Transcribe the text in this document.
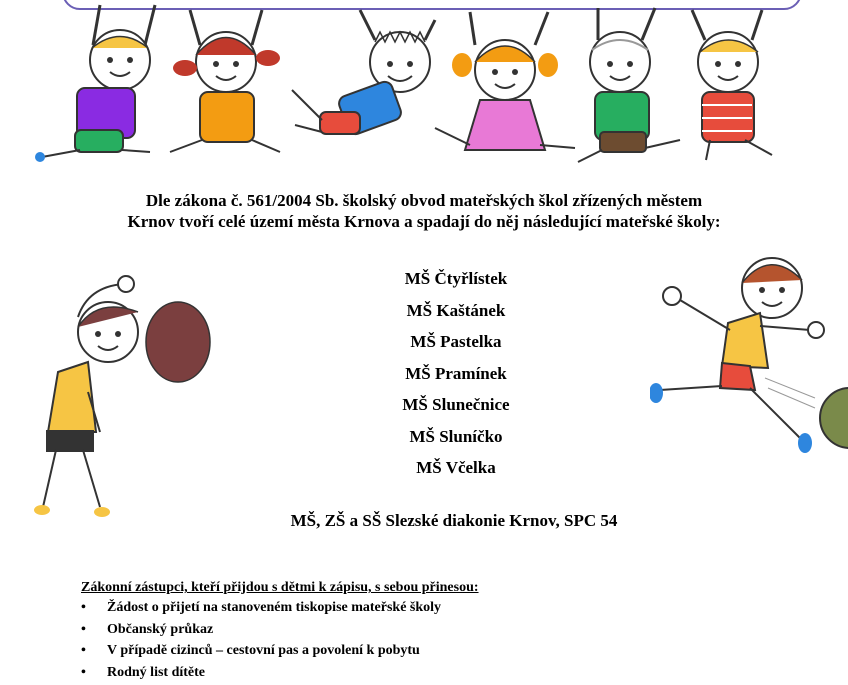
Dle zákona č. 561/2004 Sb. školský obvod mateřských škol zřízených městem
Krnov tvoří celé území města Krnova a spadají do něj následující mateřské školy:
MŠ Čtyřlístek
MŠ Kaštánek
MŠ Pastelka
MŠ Pramínek
MŠ Slunečnice
MŠ Sluníčko
MŠ Včelka
MŠ, ZŠ a SŠ Slezské diakonie Krnov, SPC 54
Zákonní zástupci, kteří přijdou s dětmi k zápisu, s sebou přinesou:
• Žádost o přijetí na stanoveném tiskopise mateřské školy
• Občanský průkaz
• V případě cizinců – cestovní pas a povolení k pobytu
• Rodný list dítěte
